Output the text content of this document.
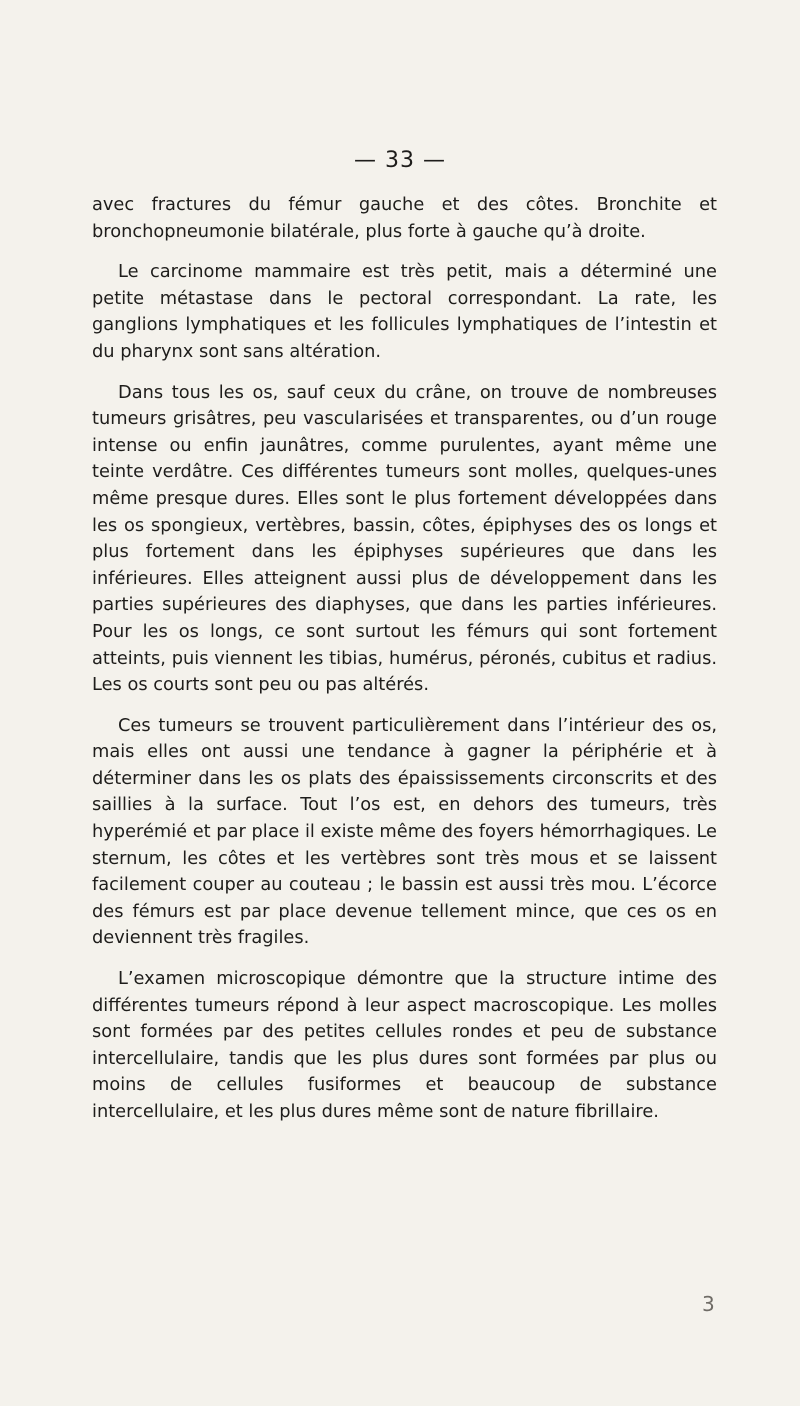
— 33 —

avec fractures du fémur gauche et des côtes. Bronchite et bronchopneumonie bilatérale, plus forte à gauche qu’à droite.

Le carcinome mammaire est très petit, mais a déterminé une petite métastase dans le pectoral correspondant. La rate, les ganglions lymphatiques et les follicules lymphatiques de l’intestin et du pharynx sont sans altération.

Dans tous les os, sauf ceux du crâne, on trouve de nombreuses tumeurs grisâtres, peu vascularisées et transparentes, ou d’un rouge intense ou enfin jaunâtres, comme purulentes, ayant même une teinte verdâtre. Ces différentes tumeurs sont molles, quelques-unes même presque dures. Elles sont le plus fortement développées dans les os spongieux, vertèbres, bassin, côtes, épiphyses des os longs et plus fortement dans les épiphyses supérieures que dans les inférieures. Elles atteignent aussi plus de développement dans les parties supérieures des diaphyses, que dans les parties inférieures. Pour les os longs, ce sont surtout les fémurs qui sont fortement atteints, puis viennent les tibias, humérus, péronés, cubitus et radius. Les os courts sont peu ou pas altérés.

Ces tumeurs se trouvent particulièrement dans l’intérieur des os, mais elles ont aussi une tendance à gagner la périphérie et à déterminer dans les os plats des épaississements circonscrits et des saillies à la surface. Tout l’os est, en dehors des tumeurs, très hyperémié et par place il existe même des foyers hémorrhagiques. Le sternum, les côtes et les vertèbres sont très mous et se laissent facilement couper au couteau ; le bassin est aussi très mou. L’écorce des fémurs est par place devenue tellement mince, que ces os en deviennent très fragiles.

L’examen microscopique démontre que la structure intime des différentes tumeurs répond à leur aspect macroscopique. Les molles sont formées par des petites cellules rondes et peu de substance intercellulaire, tandis que les plus dures sont formées par plus ou moins de cellules fusiformes et beaucoup de substance intercellulaire, et les plus dures même sont de nature fibrillaire.

3
